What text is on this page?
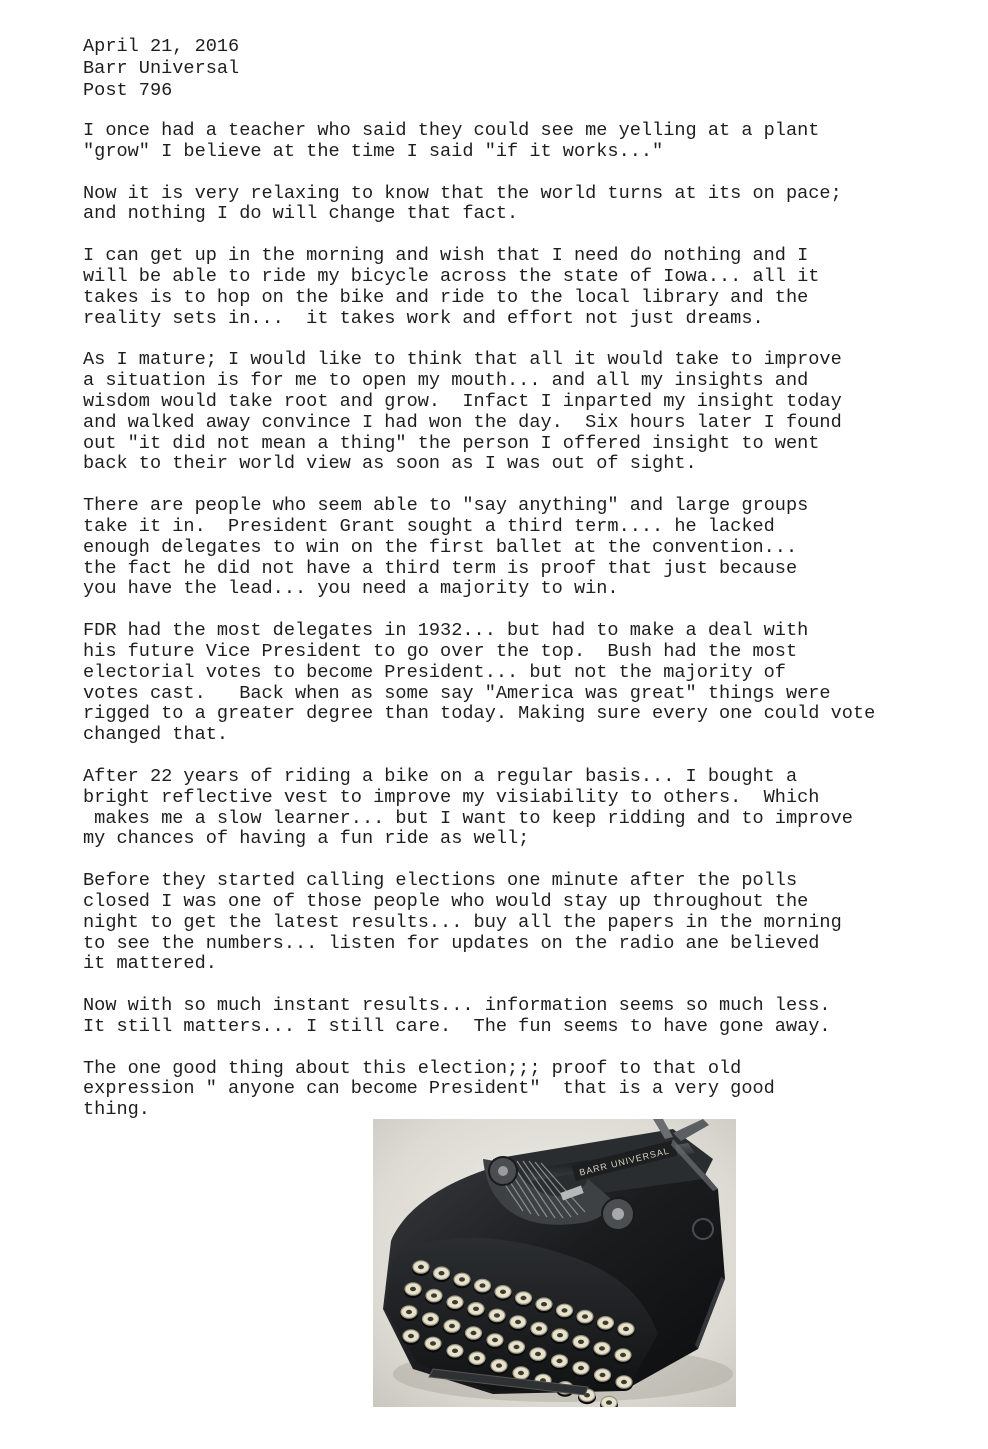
April 21, 2016

Barr Universal

Post 796

I once had a teacher who said they could see me yelling at a plant
"grow" I believe at the time I said "if it works..."

Now it is very relaxing to know that the world turns at its on pace;
and nothing I do will change that fact.

I can get up in the morning and wish that I need do nothing and I
will be able to ride my bicycle across the state of Iowa... all it
takes is to hop on the bike and ride to the local library and the
reality sets in...  it takes work and effort not just dreams.

As I mature; I would like to think that all it would take to improve
a situation is for me to open my mouth... and all my insights and
wisdom would take root and grow.  Infact I inparted my insight today
and walked away convince I had won the day.  Six hours later I found
out "it did not mean a thing" the person I offered insight to went
back to their world view as soon as I was out of sight.

There are people who seem able to "say anything" and large groups
take it in.  President Grant sought a third term.... he lacked
enough delegates to win on the first ballet at the convention...
the fact he did not have a third term is proof that just because
you have the lead... you need a majority to win.

FDR had the most delegates in 1932... but had to make a deal with
his future Vice President to go over the top.  Bush had the most
electorial votes to become President... but not the majority of
votes cast.   Back when as some say "America was great" things were
rigged to a greater degree than today. Making sure every one could vote
changed that.

After 22 years of riding a bike on a regular basis... I bought a
bright reflective vest to improve my visiability to others.  Which
makes me a slow learner... but I want to keep ridding and to improve
my chances of having a fun ride as well;

Before they started calling elections one minute after the polls
closed I was one of those people who would stay up throughout the
night to get the latest results... buy all the papers in the morning
to see the numbers... listen for updates on the radio ane believed
it mattered.

Now with so much instant results... information seems so much less.
It still matters... I still care.  The fun seems to have gone away.

The one good thing about this election;;; proof to that old
expression " anyone can become President"  that is a very good
thing.

BARR UNIVERSAL
